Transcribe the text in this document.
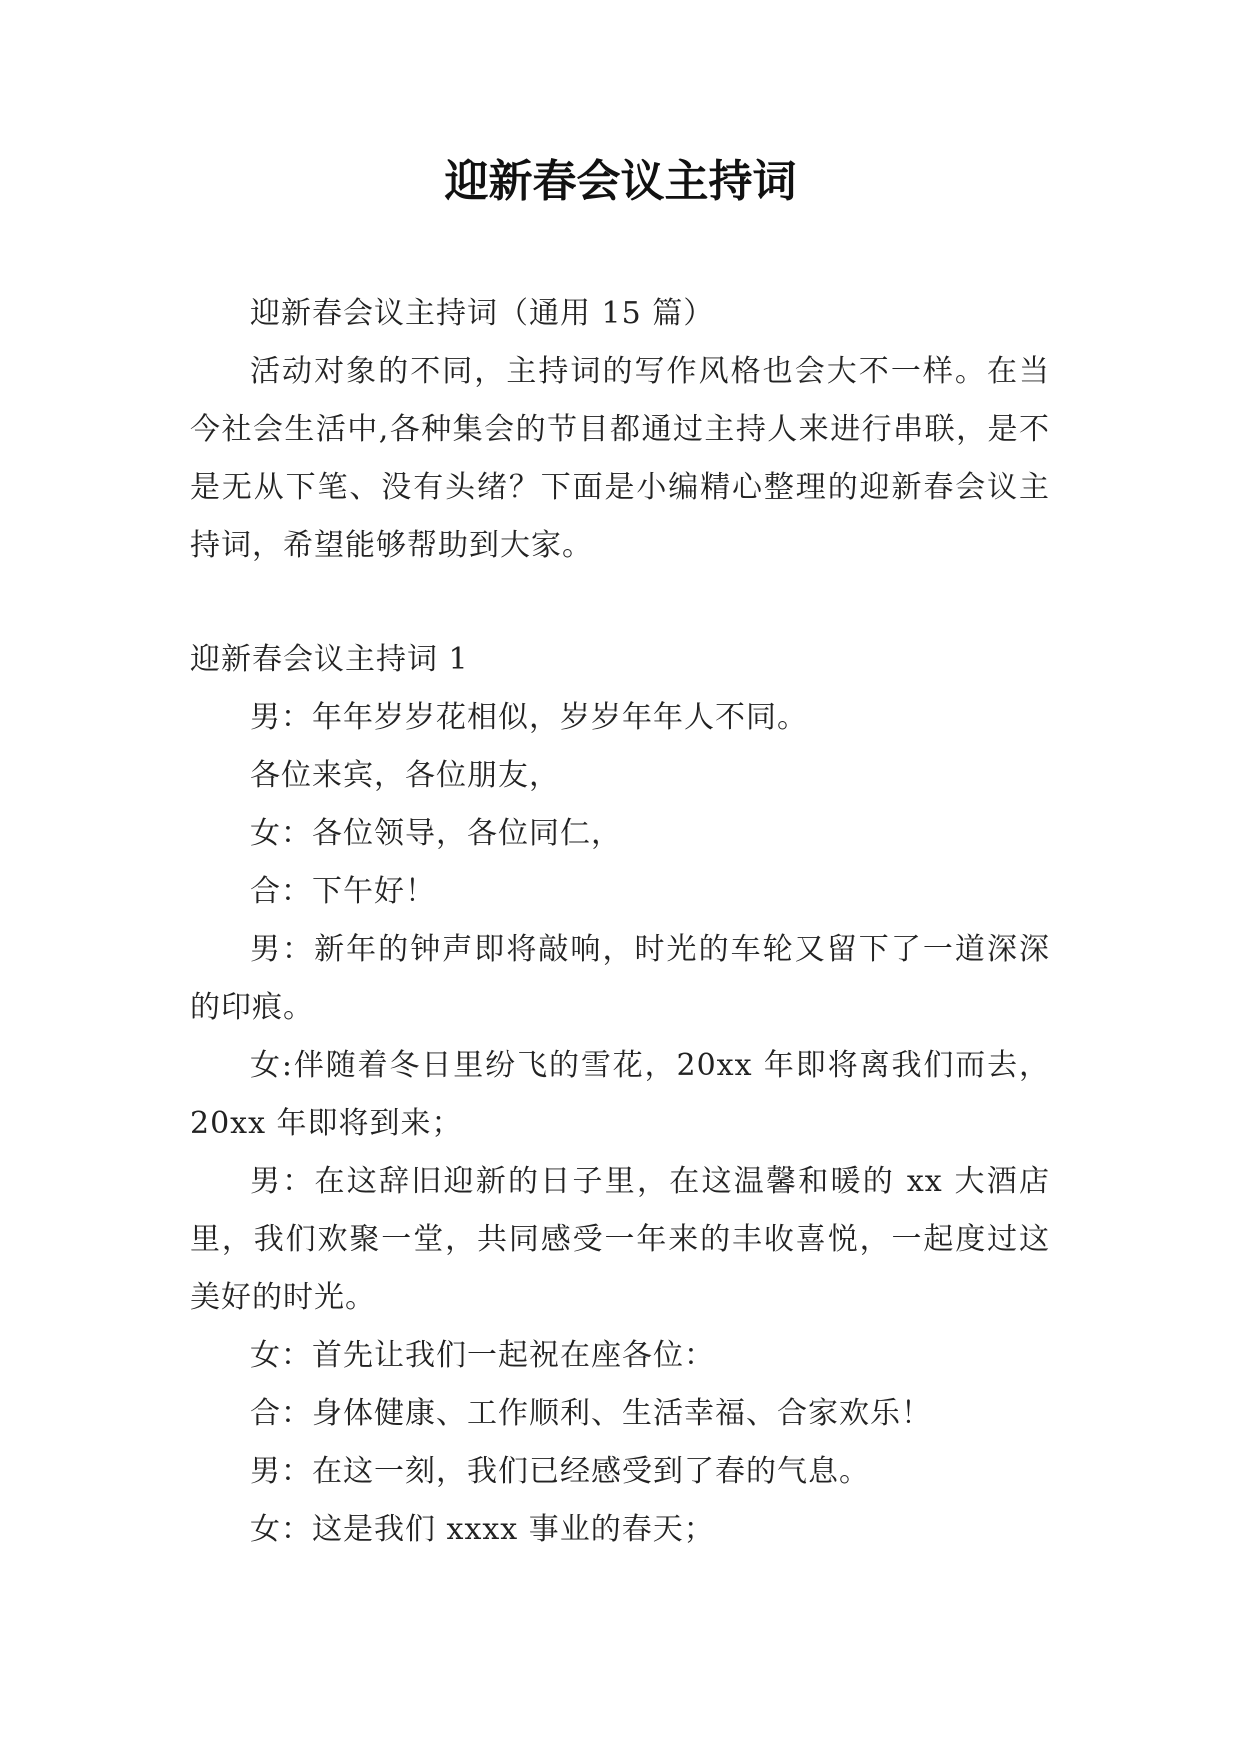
迎新春会议主持词

迎新春会议主持词（通用 15 篇）

活动对象的不同，主持词的写作风格也会大不一样。在当今社会生活中,各种集会的节目都通过主持人来进行串联，是不是无从下笔、没有头绪？下面是小编精心整理的迎新春会议主持词，希望能够帮助到大家。

迎新春会议主持词 1

男：年年岁岁花相似，岁岁年年人不同。

各位来宾，各位朋友，

女：各位领导，各位同仁，

合：下午好！

男：新年的钟声即将敲响，时光的车轮又留下了一道深深的印痕。

女:伴随着冬日里纷飞的雪花，20xx 年即将离我们而去，20xx 年即将到来；

男：在这辞旧迎新的日子里，在这温馨和暖的 xx 大酒店里，我们欢聚一堂，共同感受一年来的丰收喜悦，一起度过这美好的时光。

女：首先让我们一起祝在座各位：

合：身体健康、工作顺利、生活幸福、合家欢乐！

男：在这一刻，我们已经感受到了春的气息。

女：这是我们 xxxx 事业的春天；
